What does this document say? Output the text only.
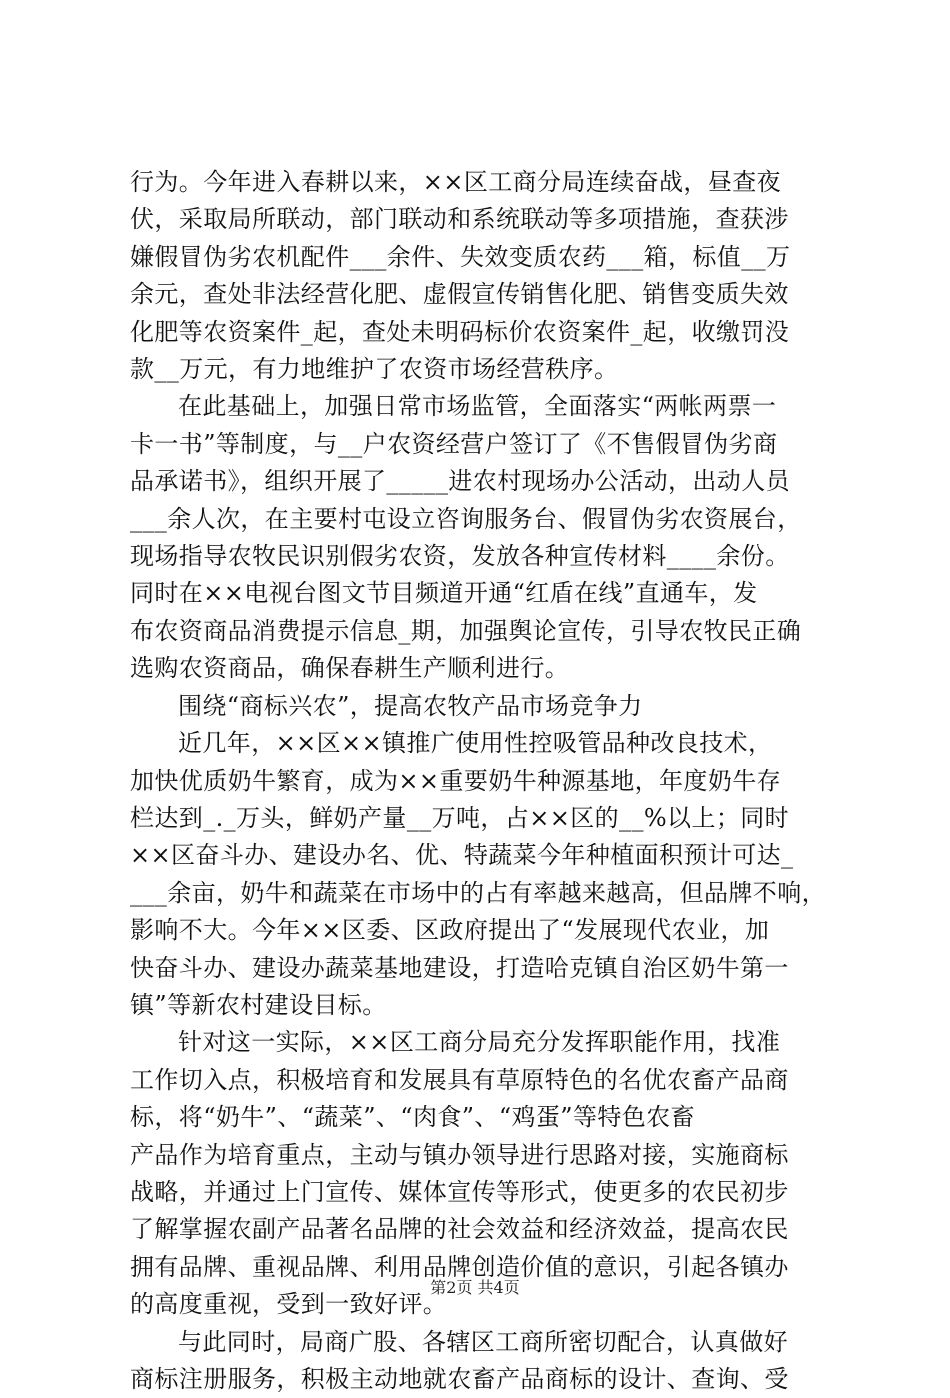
行为。今年进入春耕以来，××区工商分局连续奋战，昼查夜
伏，采取局所联动，部门联动和系统联动等多项措施，查获涉
嫌假冒伪劣农机配件___余件、失效变质农药___箱，标值__万
余元，查处非法经营化肥、虚假宣传销售化肥、销售变质失效
化肥等农资案件_起，查处未明码标价农资案件_起，收缴罚没
款__万元，有力地维护了农资市场经营秩序。
在此基础上，加强日常市场监管，全面落实“两帐两票一
卡一书”等制度，与__户农资经营户签订了《不售假冒伪劣商
品承诺书》，组织开展了_____进农村现场办公活动，出动人员
___余人次，在主要村屯设立咨询服务台、假冒伪劣农资展台，
现场指导农牧民识别假劣农资，发放各种宣传材料____余份。
同时在××电视台图文节目频道开通“红盾在线”直通车，发
布农资商品消费提示信息_期，加强舆论宣传，引导农牧民正确
选购农资商品，确保春耕生产顺利进行。
围绕“商标兴农”，提高农牧产品市场竞争力
近几年，××区××镇推广使用性控吸管品种改良技术，
加快优质奶牛繁育，成为××重要奶牛种源基地，年度奶牛存
栏达到_._万头，鲜奶产量__万吨，占××区的__%以上；同时
××区奋斗办、建设办名、优、特蔬菜今年种植面积预计可达_
___余亩，奶牛和蔬菜在市场中的占有率越来越高，但品牌不响，
影响不大。今年××区委、区政府提出了“发展现代农业，加
快奋斗办、建设办蔬菜基地建设，打造哈克镇自治区奶牛第一
镇”等新农村建设目标。
针对这一实际，××区工商分局充分发挥职能作用，找准
工作切入点，积极培育和发展具有草原特色的名优农畜产品商
标，将“奶牛”、“蔬菜”、“肉食”、“鸡蛋”等特色农畜
产品作为培育重点，主动与镇办领导进行思路对接，实施商标
战略，并通过上门宣传、媒体宣传等形式，使更多的农民初步
了解掌握农副产品著名品牌的社会效益和经济效益，提高农民
拥有品牌、重视品牌、利用品牌创造价值的意识，引起各镇办
的高度重视，受到一致好评。
与此同时，局商广股、各辖区工商所密切配合，认真做好
商标注册服务，积极主动地就农畜产品商标的设计、查询、受
第2页 共4页
